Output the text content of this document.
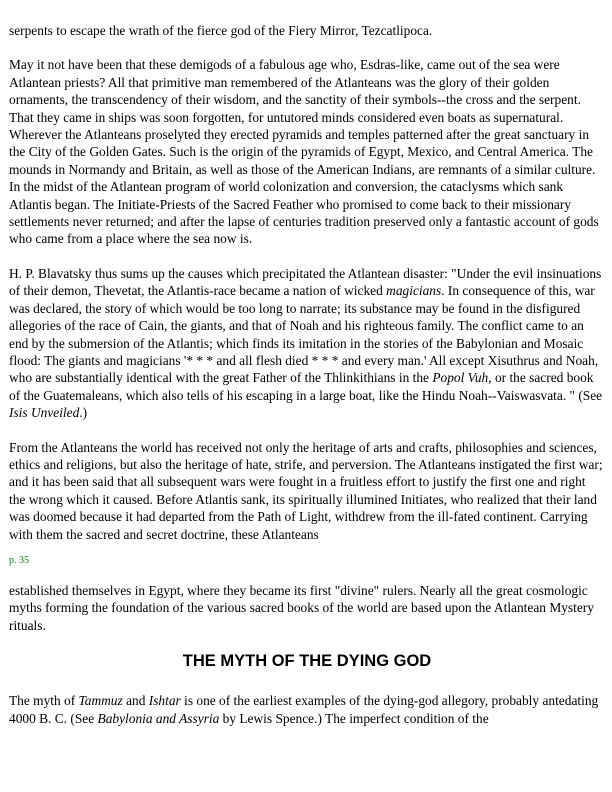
serpents to escape the wrath of the fierce god of the Fiery Mirror, Tezcatlipoca.

May it not have been that these demigods of a fabulous age who, Esdras-like, came out of the sea were Atlantean priests? All that primitive man remembered of the Atlanteans was the glory of their golden ornaments, the transcendency of their wisdom, and the sanctity of their symbols--the cross and the serpent. That they came in ships was soon forgotten, for untutored minds considered even boats as supernatural. Wherever the Atlanteans proselyted they erected pyramids and temples patterned after the great sanctuary in the City of the Golden Gates. Such is the origin of the pyramids of Egypt, Mexico, and Central America. The mounds in Normandy and Britain, as well as those of the American Indians, are remnants of a similar culture. In the midst of the Atlantean program of world colonization and conversion, the cataclysms which sank Atlantis began. The Initiate-Priests of the Sacred Feather who promised to come back to their missionary settlements never returned; and after the lapse of centuries tradition preserved only a fantastic account of gods who came from a place where the sea now is.

H. P. Blavatsky thus sums up the causes which precipitated the Atlantean disaster: "Under the evil insinuations of their demon, Thevetat, the Atlantis-race became a nation of wicked magicians. In consequence of this, war was declared, the story of which would be too long to narrate; its substance may be found in the disfigured allegories of the race of Cain, the giants, and that of Noah and his righteous family. The conflict came to an end by the submersion of the Atlantis; which finds its imitation in the stories of the Babylonian and Mosaic flood: The giants and magicians '* * * and all flesh died * * * and every man.' All except Xisuthrus and Noah, who are substantially identical with the great Father of the Thlinkithians in the Popol Vuh, or the sacred book of the Guatemaleans, which also tells of his escaping in a large boat, like the Hindu Noah--Vaiswasvata. " (See Isis Unveiled.)

From the Atlanteans the world has received not only the heritage of arts and crafts, philosophies and sciences, ethics and religions, but also the heritage of hate, strife, and perversion. The Atlanteans instigated the first war; and it has been said that all subsequent wars were fought in a fruitless effort to justify the first one and right the wrong which it caused. Before Atlantis sank, its spiritually illumined Initiates, who realized that their land was doomed because it had departed from the Path of Light, withdrew from the ill-fated continent. Carrying with them the sacred and secret doctrine, these Atlanteans

p. 35

established themselves in Egypt, where they became its first "divine" rulers. Nearly all the great cosmologic myths forming the foundation of the various sacred books of the world are based upon the Atlantean Mystery rituals.

THE MYTH OF THE DYING GOD

The myth of Tammuz and Ishtar is one of the earliest examples of the dying-god allegory, probably antedating 4000 B. C. (See Babylonia and Assyria by Lewis Spence.) The imperfect condition of the
